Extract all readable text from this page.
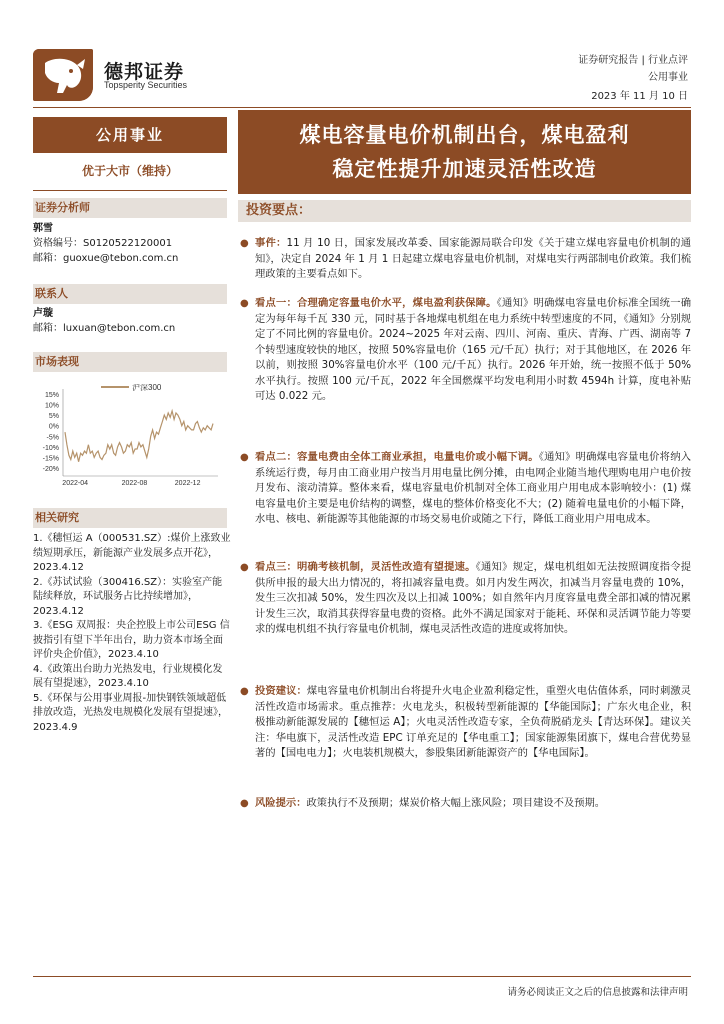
德邦证券
Topsperity Securities
证券研究报告 | 行业点评
公用事业
2023 年 11 月 10 日
公用事业	煤电容量电价机制出台，煤电盈利
稳定性提升加速灵活性改造
优于大市（维持）
证券分析师
郭雪
资格编号：S0120522120001
邮箱：guoxue@tebon.com.cn
联系人
卢璇
邮箱：luxuan@tebon.com.cn
市场表现
15%
10%
5%
0%
-5%
-10%
-15%
-20%
2022-04	2022-08	2022-12
沪深300
相关研究
1.《穗恒运 A（000531.SZ）:煤价上涨致业绩短期承压，新能源产业发展多点开花》，2023.4.12
2.《苏试试验（300416.SZ）：实验室产能陆续释放，环试服务占比持续增加》，2023.4.12
3.《ESG 双周报：央企控股上市公司ESG 信披指引有望下半年出台，助力资本市场全面评价央企价值》，2023.4.10
4.《政策出台助力光热发电，行业规模化发展有望提速》，2023.4.10
5.《环保与公用事业周报-加快钢铁领域超低排放改造，光热发电规模化发展有望提速》，2023.4.9
投资要点：
● 事件：11 月 10 日，国家发展改革委、国家能源局联合印发《关于建立煤电容量电价机制的通知》，决定自 2024 年 1 月 1 日起建立煤电容量电价机制，对煤电实行两部制电价政策。我们梳理政策的主要看点如下。
● 看点一：合理确定容量电价水平，煤电盈利获保障。《通知》明确煤电容量电价标准全国统一确定为每年每千瓦 330 元，同时基于各地煤电机组在电力系统中转型速度的不同，《通知》分别规定了不同比例的容量电价。2024~2025 年对云南、四川、河南、重庆、青海、广西、湖南等 7 个转型速度较快的地区，按照 50%容量电价（165 元/千瓦）执行；对于其他地区，在 2026 年以前，则按照 30%容量电价水平（100 元/千瓦）执行。2026 年开始，统一按照不低于 50%水平执行。按照 100 元/千瓦，2022 年全国燃煤平均发电利用小时数 4594h 计算，度电补贴可达 0.022 元。
● 看点二：容量电费由全体工商业承担，电量电价或小幅下调。《通知》明确煤电容量电价将纳入系统运行费，每月由工商业用户按当月用电量比例分摊，由电网企业随当地代理购电用户电价按月发布、滚动清算。整体来看，煤电容量电价机制对全体工商业用户用电成本影响较小：(1) 煤电容量电价主要是电价结构的调整，煤电的整体价格变化不大；(2) 随着电量电价的小幅下降，水电、核电、新能源等其他能源的市场交易电价或随之下行，降低工商业用户用电成本。
● 看点三：明确考核机制，灵活性改造有望提速。《通知》规定，煤电机组如无法按照调度指令提供所申报的最大出力情况的，将扣减容量电费。如月内发生两次，扣减当月容量电费的 10%，发生三次扣减 50%，发生四次及以上扣减 100%；如自然年内月度容量电费全部扣减的情况累计发生三次，取消其获得容量电费的资格。此外不满足国家对于能耗、环保和灵活调节能力等要求的煤电机组不执行容量电价机制，煤电灵活性改造的进度或将加快。
● 投资建议：煤电容量电价机制出台将提升火电企业盈利稳定性，重塑火电估值体系，同时刺激灵活性改造市场需求。重点推荐：火电龙头，积极转型新能源的【华能国际】；广东火电企业，积极推动新能源发展的【穗恒运 A】；火电灵活性改造专家，全负荷脱硝龙头【青达环保】。建议关注：华电旗下，灵活性改造 EPC 订单充足的【华电重工】；国家能源集团旗下，煤电合营优势显著的【国电电力】；火电装机规模大，参股集团新能源资产的【华电国际】。
● 风险提示：政策执行不及预期；煤炭价格大幅上涨风险；项目建设不及预期。
请务必阅读正文之后的信息披露和法律声明
